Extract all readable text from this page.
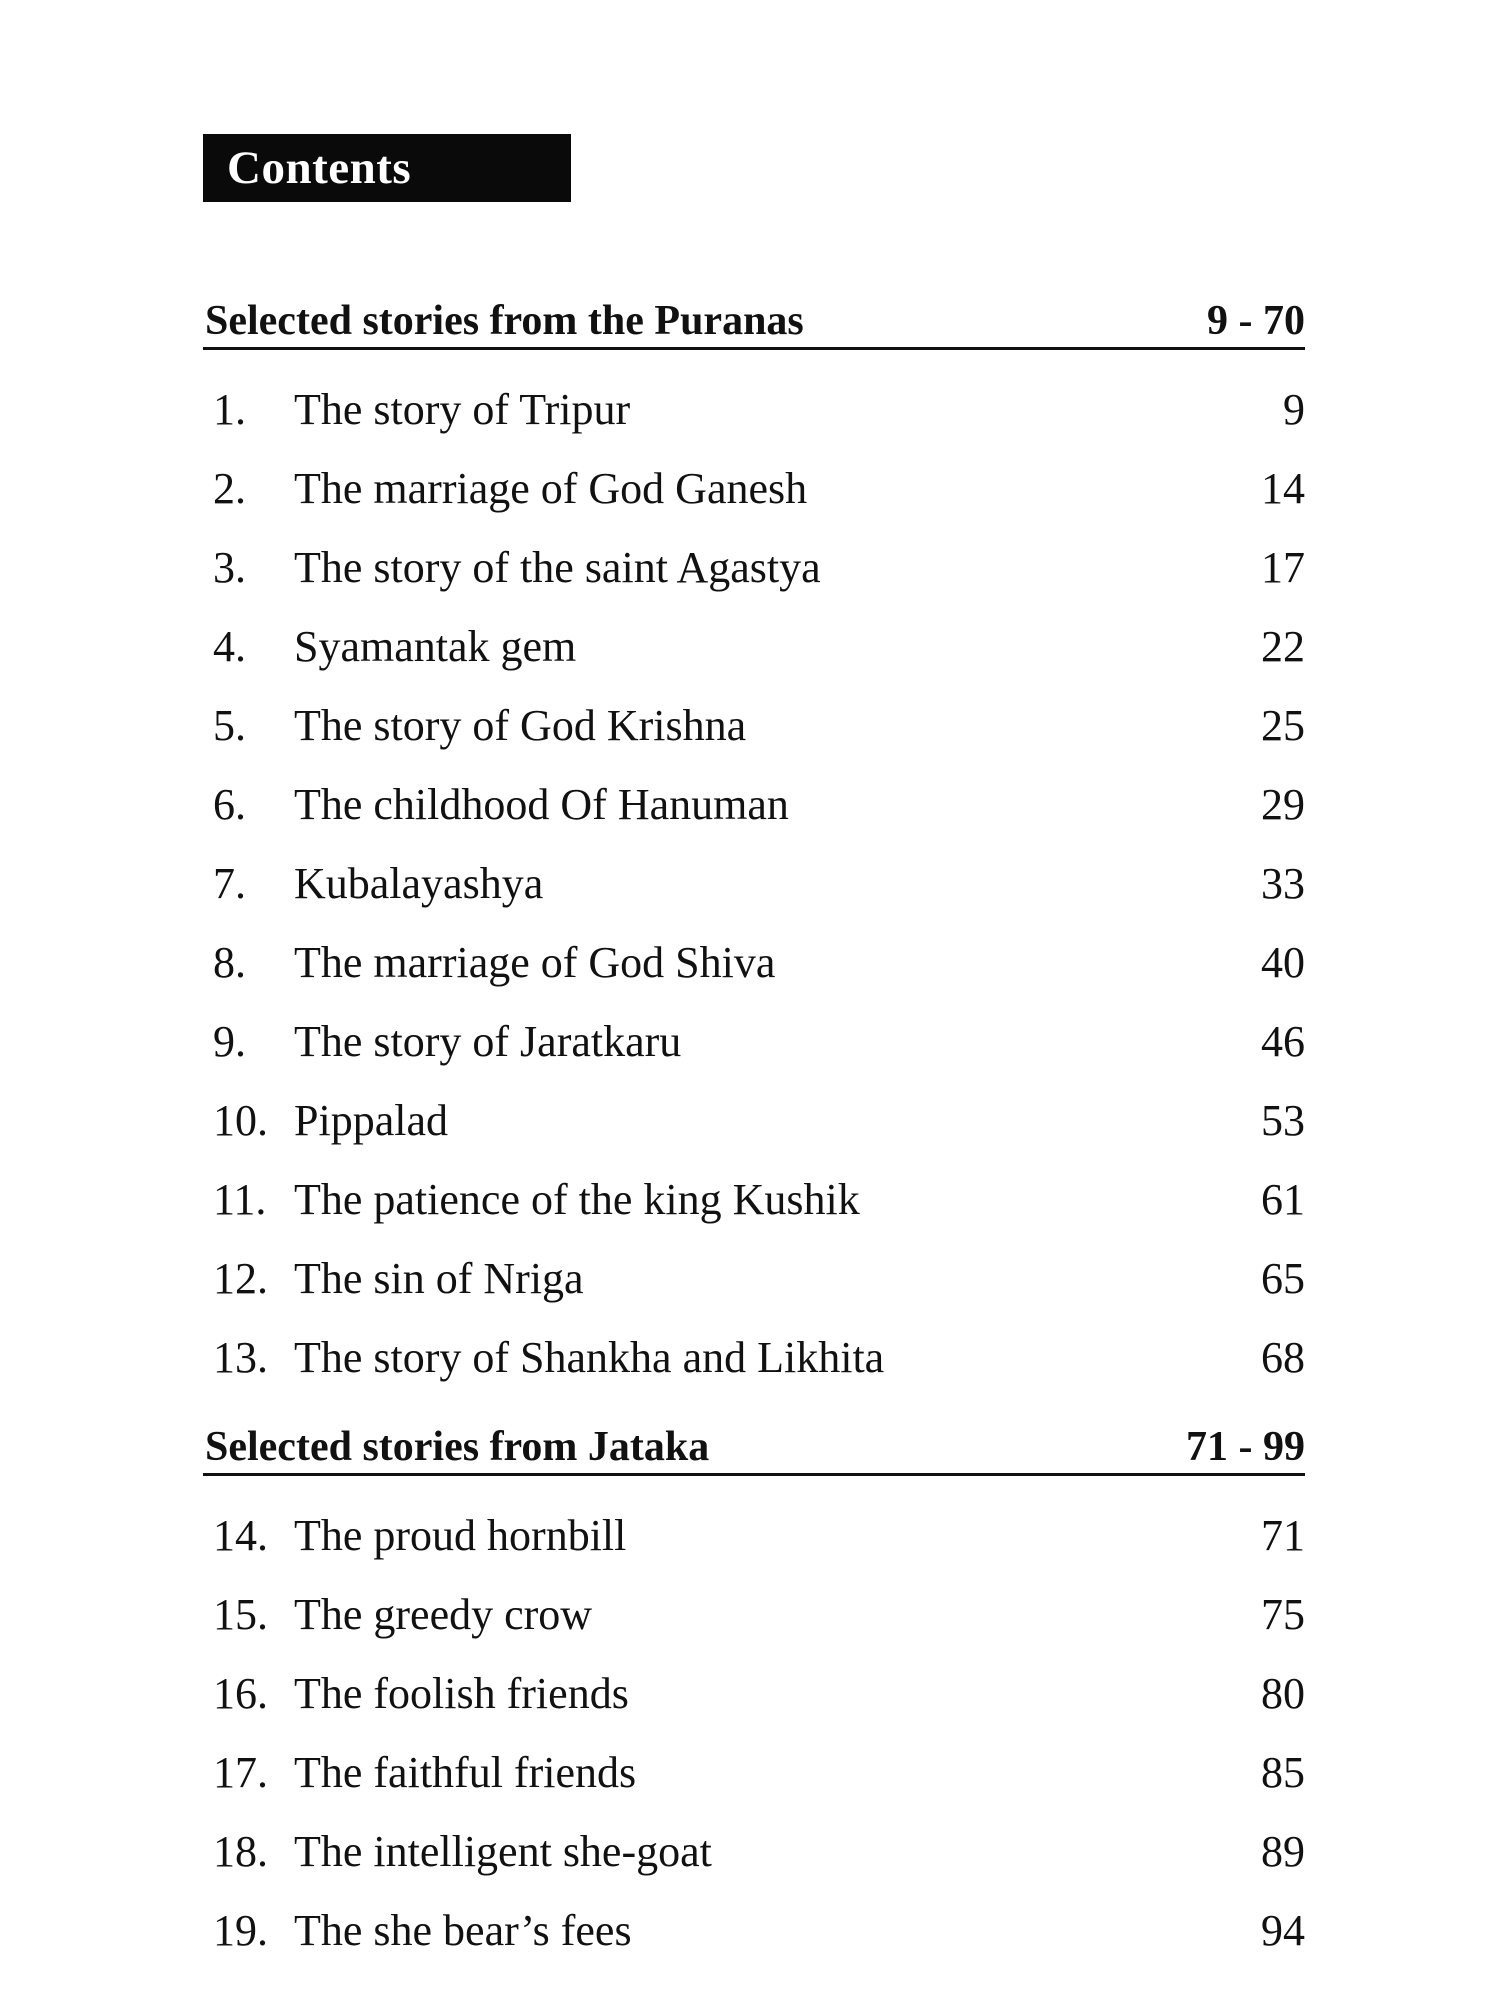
Contents
Selected stories from the Puranas	9 - 70
1. The story of Tripur	9
2. The marriage of God Ganesh	14
3. The story of the saint Agastya	17
4. Syamantak gem	22
5. The story of God Krishna	25
6. The childhood Of Hanuman	29
7. Kubalayashya	33
8. The marriage of God Shiva	40
9. The story of Jaratkaru	46
10. Pippalad	53
11. The patience of the king Kushik	61
12. The sin of Nriga	65
13. The story of Shankha and Likhita	68
Selected stories from Jataka	71 - 99
14. The proud hornbill	71
15. The greedy crow	75
16. The foolish friends	80
17. The faithful friends	85
18. The intelligent she-goat	89
19. The she bear’s fees	94
